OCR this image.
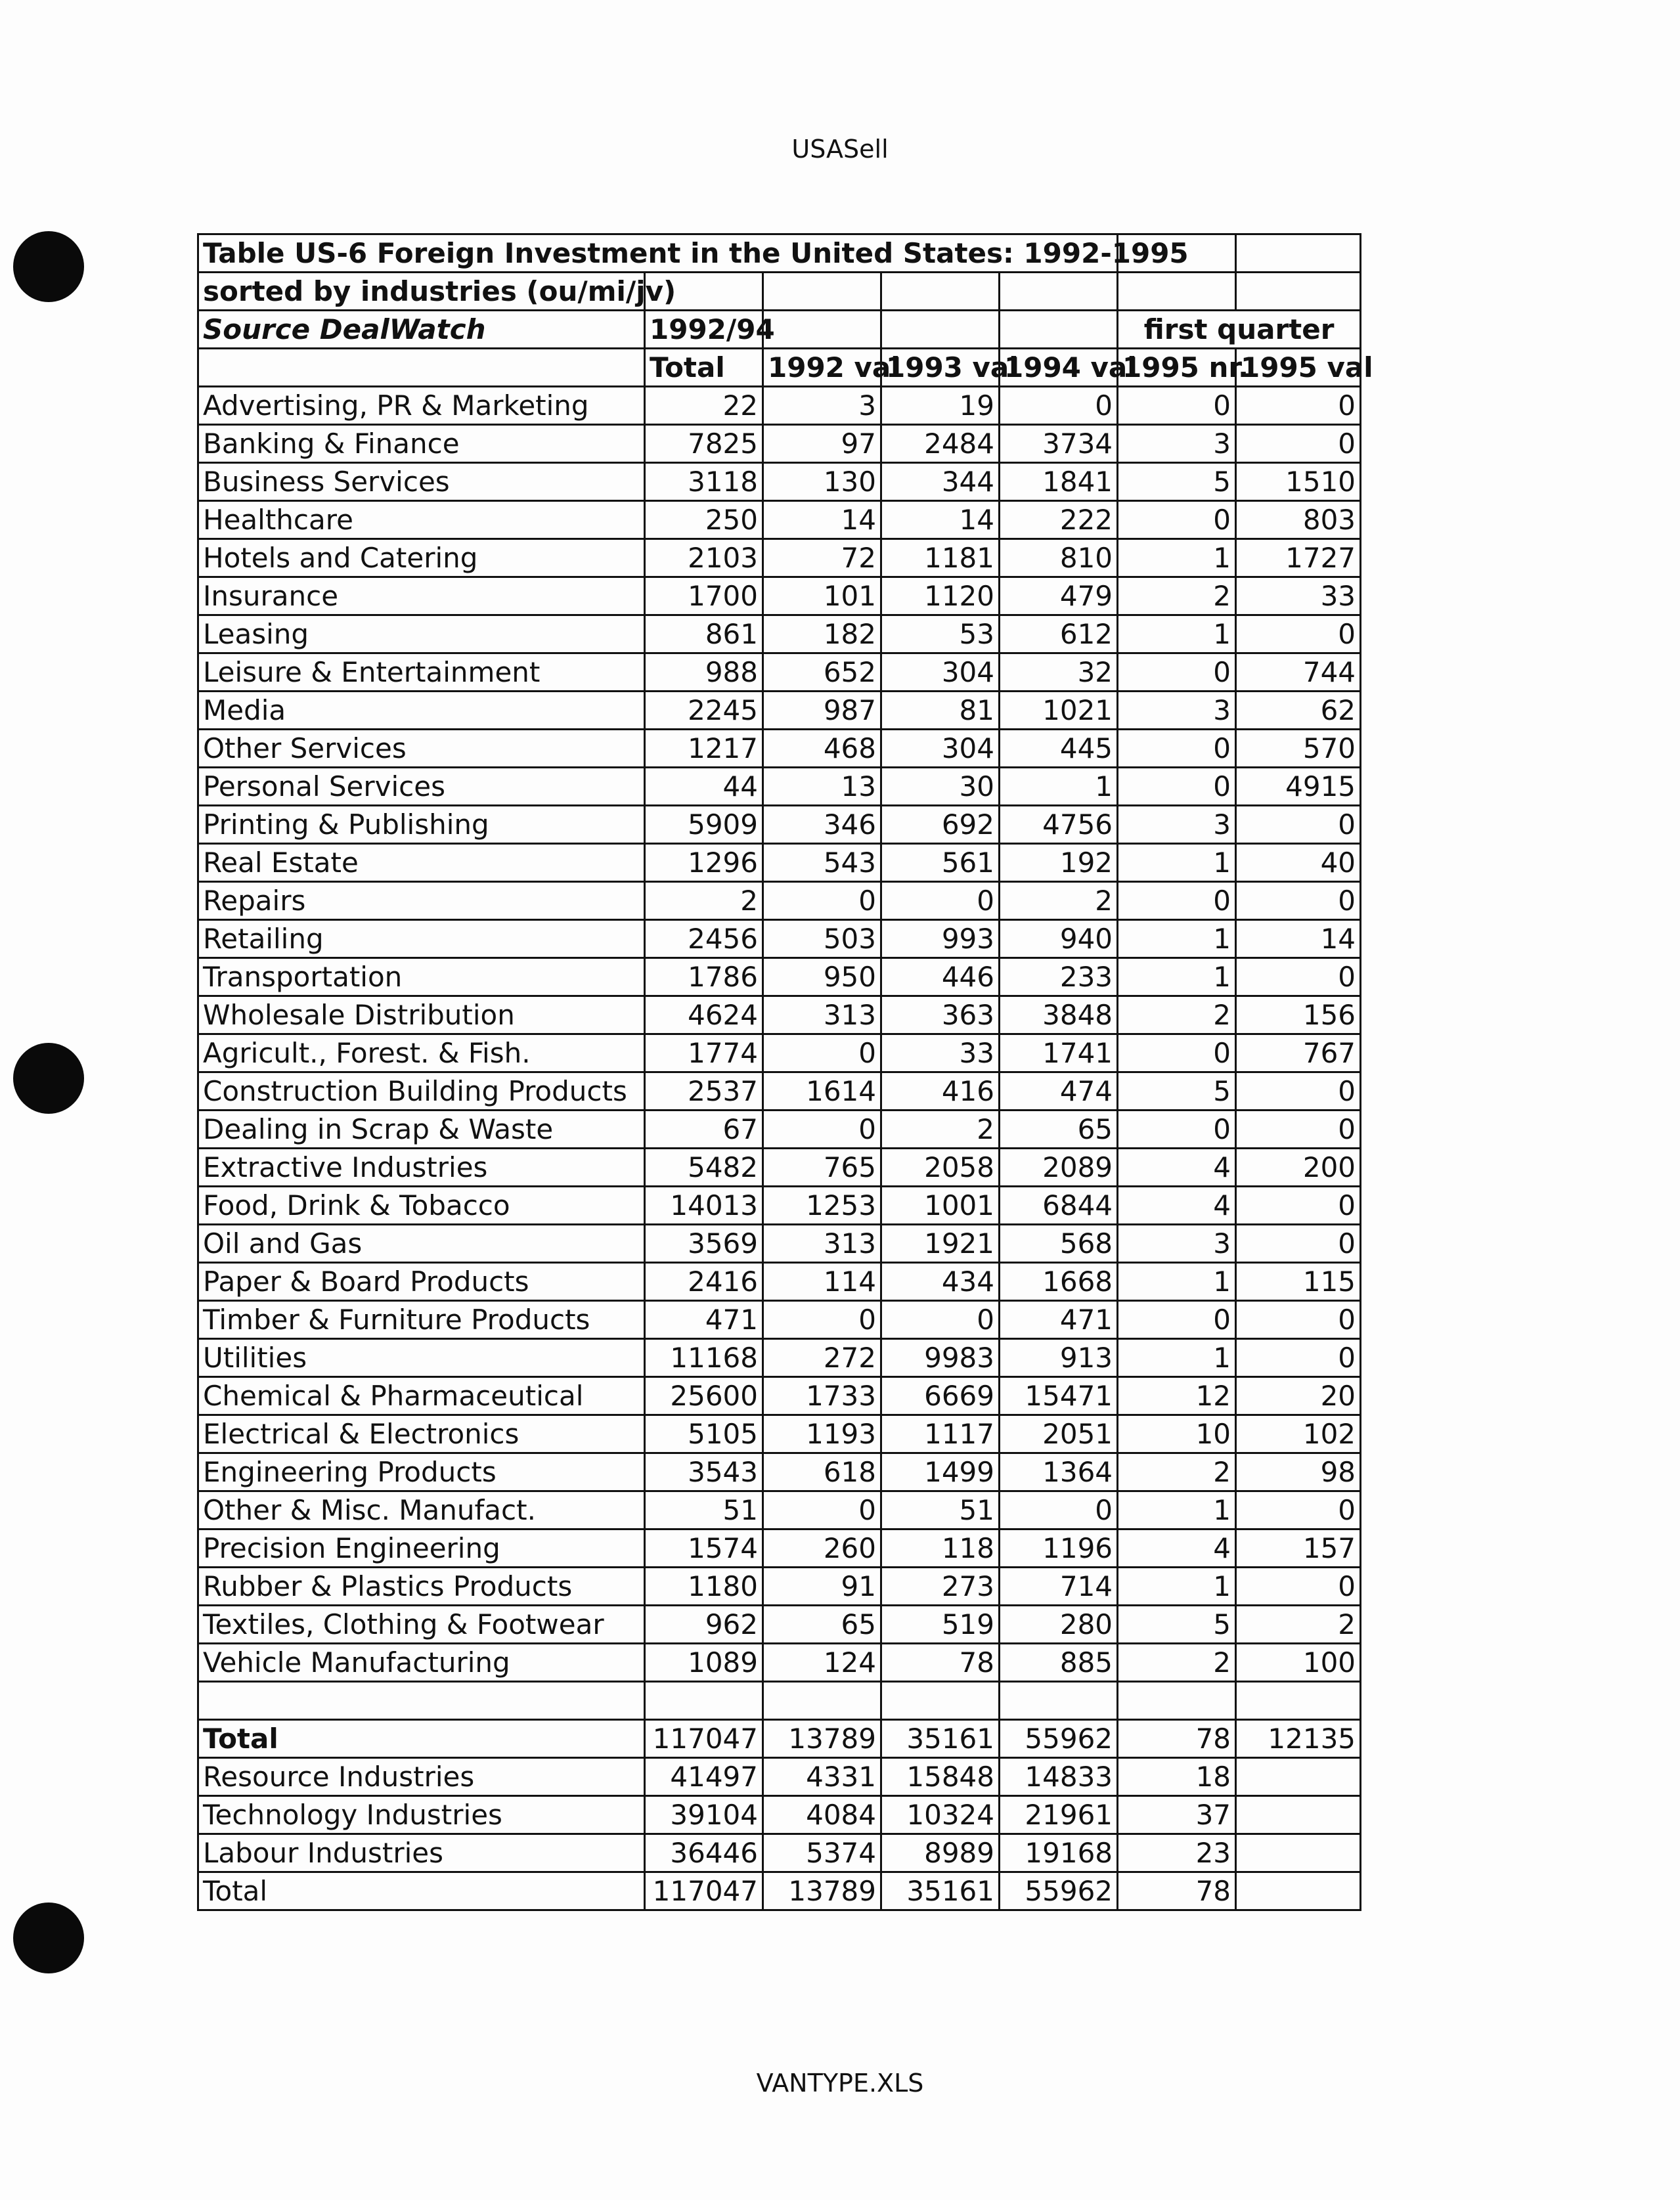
USASell
Table US-6 Foreign Investment in the United States: 1992-1995						
sorted by industries (ou/mi/jv)						
Source DealWatch	1992/94				first quarter	
	Total	1992 val	1993 val	1994 val	1995 nr.	1995 val
Advertising, PR & Marketing	22	3	19	0	0	0
Banking & Finance	7825	97	2484	3734	3	0
Business Services	3118	130	344	1841	5	1510
Healthcare	250	14	14	222	0	803
Hotels and Catering	2103	72	1181	810	1	1727
Insurance	1700	101	1120	479	2	33
Leasing	861	182	53	612	1	0
Leisure & Entertainment	988	652	304	32	0	744
Media	2245	987	81	1021	3	62
Other Services	1217	468	304	445	0	570
Personal Services	44	13	30	1	0	4915
Printing & Publishing	5909	346	692	4756	3	0
Real Estate	1296	543	561	192	1	40
Repairs	2	0	0	2	0	0
Retailing	2456	503	993	940	1	14
Transportation	1786	950	446	233	1	0
Wholesale Distribution	4624	313	363	3848	2	156
Agricult., Forest. & Fish.	1774	0	33	1741	0	767
Construction Building Products	2537	1614	416	474	5	0
Dealing in Scrap & Waste	67	0	2	65	0	0
Extractive Industries	5482	765	2058	2089	4	200
Food, Drink & Tobacco	14013	1253	1001	6844	4	0
Oil and Gas	3569	313	1921	568	3	0
Paper & Board Products	2416	114	434	1668	1	115
Timber & Furniture Products	471	0	0	471	0	0
Utilities	11168	272	9983	913	1	0
Chemical & Pharmaceutical	25600	1733	6669	15471	12	20
Electrical & Electronics	5105	1193	1117	2051	10	102
Engineering Products	3543	618	1499	1364	2	98
Other & Misc. Manufact.	51	0	51	0	1	0
Precision Engineering	1574	260	118	1196	4	157
Rubber & Plastics Products	1180	91	273	714	1	0
Textiles, Clothing & Footwear	962	65	519	280	5	2
Vehicle Manufacturing	1089	124	78	885	2	100

Total	117047	13789	35161	55962	78	12135
Resource Industries	41497	4331	15848	14833	18	
Technology Industries	39104	4084	10324	21961	37	
Labour Industries	36446	5374	8989	19168	23	
Total	117047	13789	35161	55962	78	
VANTYPE.XLS
